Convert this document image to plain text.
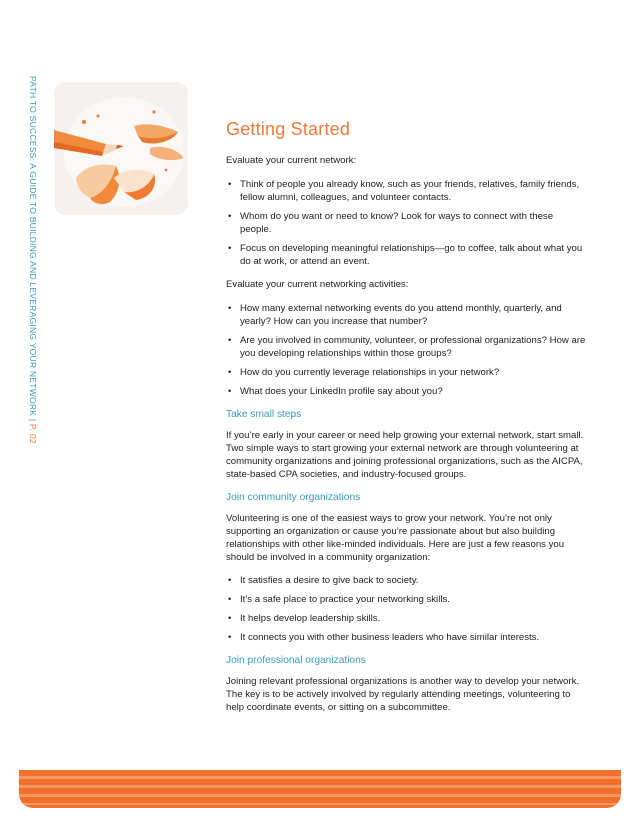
PATH TO SUCCESS: A GUIDE TO BUILDING AND LEVERAGING YOUR NETWORK | P. 02
Getting Started

Evaluate your current network:

• Think of people you already know, such as your friends, relatives, family friends, fellow alumni, colleagues, and volunteer contacts.
• Whom do you want or need to know? Look for ways to connect with these people.
• Focus on developing meaningful relationships—go to coffee, talk about what you do at work, or attend an event.

Evaluate your current networking activities:

• How many external networking events do you attend monthly, quarterly, and yearly? How can you increase that number?
• Are you involved in community, volunteer, or professional organizations? How are you developing relationships within those groups?
• How do you currently leverage relationships in your network?
• What does your LinkedIn profile say about you?
Take small steps

If you’re early in your career or need help growing your external network, start small. Two simple ways to start growing your external network are through volunteering at community organizations and joining professional organizations, such as the AICPA, state-based CPA societies, and industry-focused groups.

Join community organizations

Volunteering is one of the easiest ways to grow your network. You’re not only supporting an organization or cause you’re passionate about but also building relationships with other like-minded individuals. Here are just a few reasons you should be involved in a community organization:

• It satisfies a desire to give back to society.
• It’s a safe place to practice your networking skills.
• It helps develop leadership skills.
• It connects you with other business leaders who have similar interests.
Join professional organizations

Joining relevant professional organizations is another way to develop your network. The key is to be actively involved by regularly attending meetings, volunteering to help coordinate events, or sitting on a subcommittee.
